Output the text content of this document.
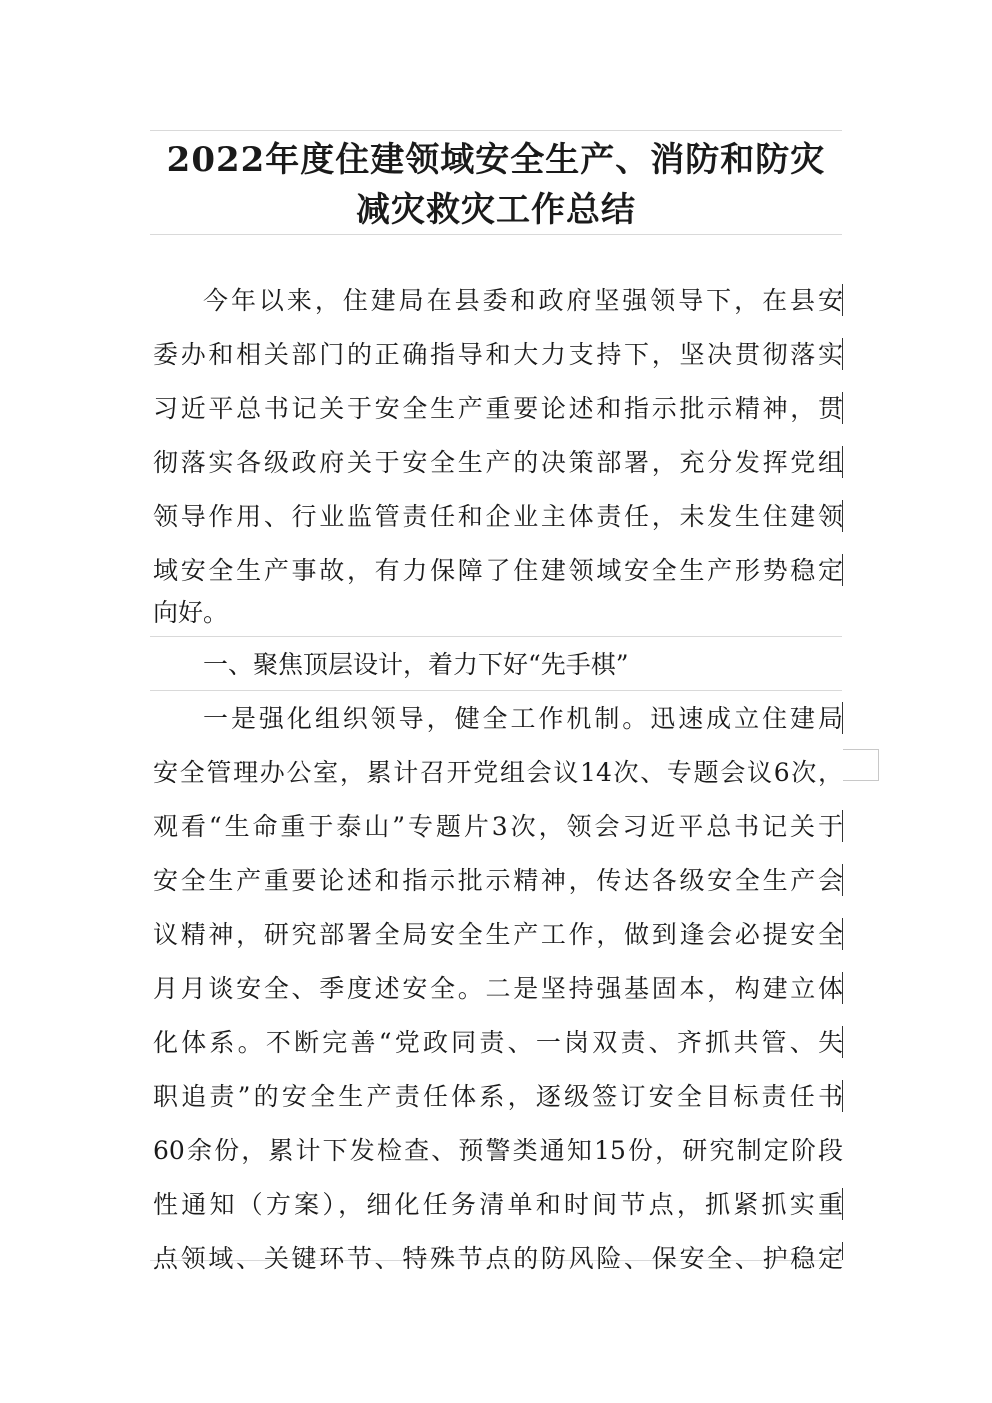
2022年度住建领域安全生产、消防和防灾
减灾救灾工作总结
今年以来，住建局在县委和政府坚强领导下，在县安
委办和相关部门的正确指导和大力支持下，坚决贯彻落实
习近平总书记关于安全生产重要论述和指示批示精神，贯
彻落实各级政府关于安全生产的决策部署，充分发挥党组
领导作用、行业监管责任和企业主体责任，未发生住建领
域安全生产事故，有力保障了住建领域安全生产形势稳定
向好。
一、聚焦顶层设计，着力下好“先手棋”
一是强化组织领导，健全工作机制。迅速成立住建局
安全管理办公室，累计召开党组会议14次、专题会议6次，
观看“生命重于泰山”专题片3次，领会习近平总书记关于
安全生产重要论述和指示批示精神，传达各级安全生产会
议精神，研究部署全局安全生产工作，做到逢会必提安全
月月谈安全、季度述安全。二是坚持强基固本，构建立体
化体系。不断完善“党政同责、一岗双责、齐抓共管、失
职追责”的安全生产责任体系，逐级签订安全目标责任书
60余份，累计下发检查、预警类通知15份，研究制定阶段
性通知（方案），细化任务清单和时间节点，抓紧抓实重
点领域、关键环节、特殊节点的防风险、保安全、护稳定
